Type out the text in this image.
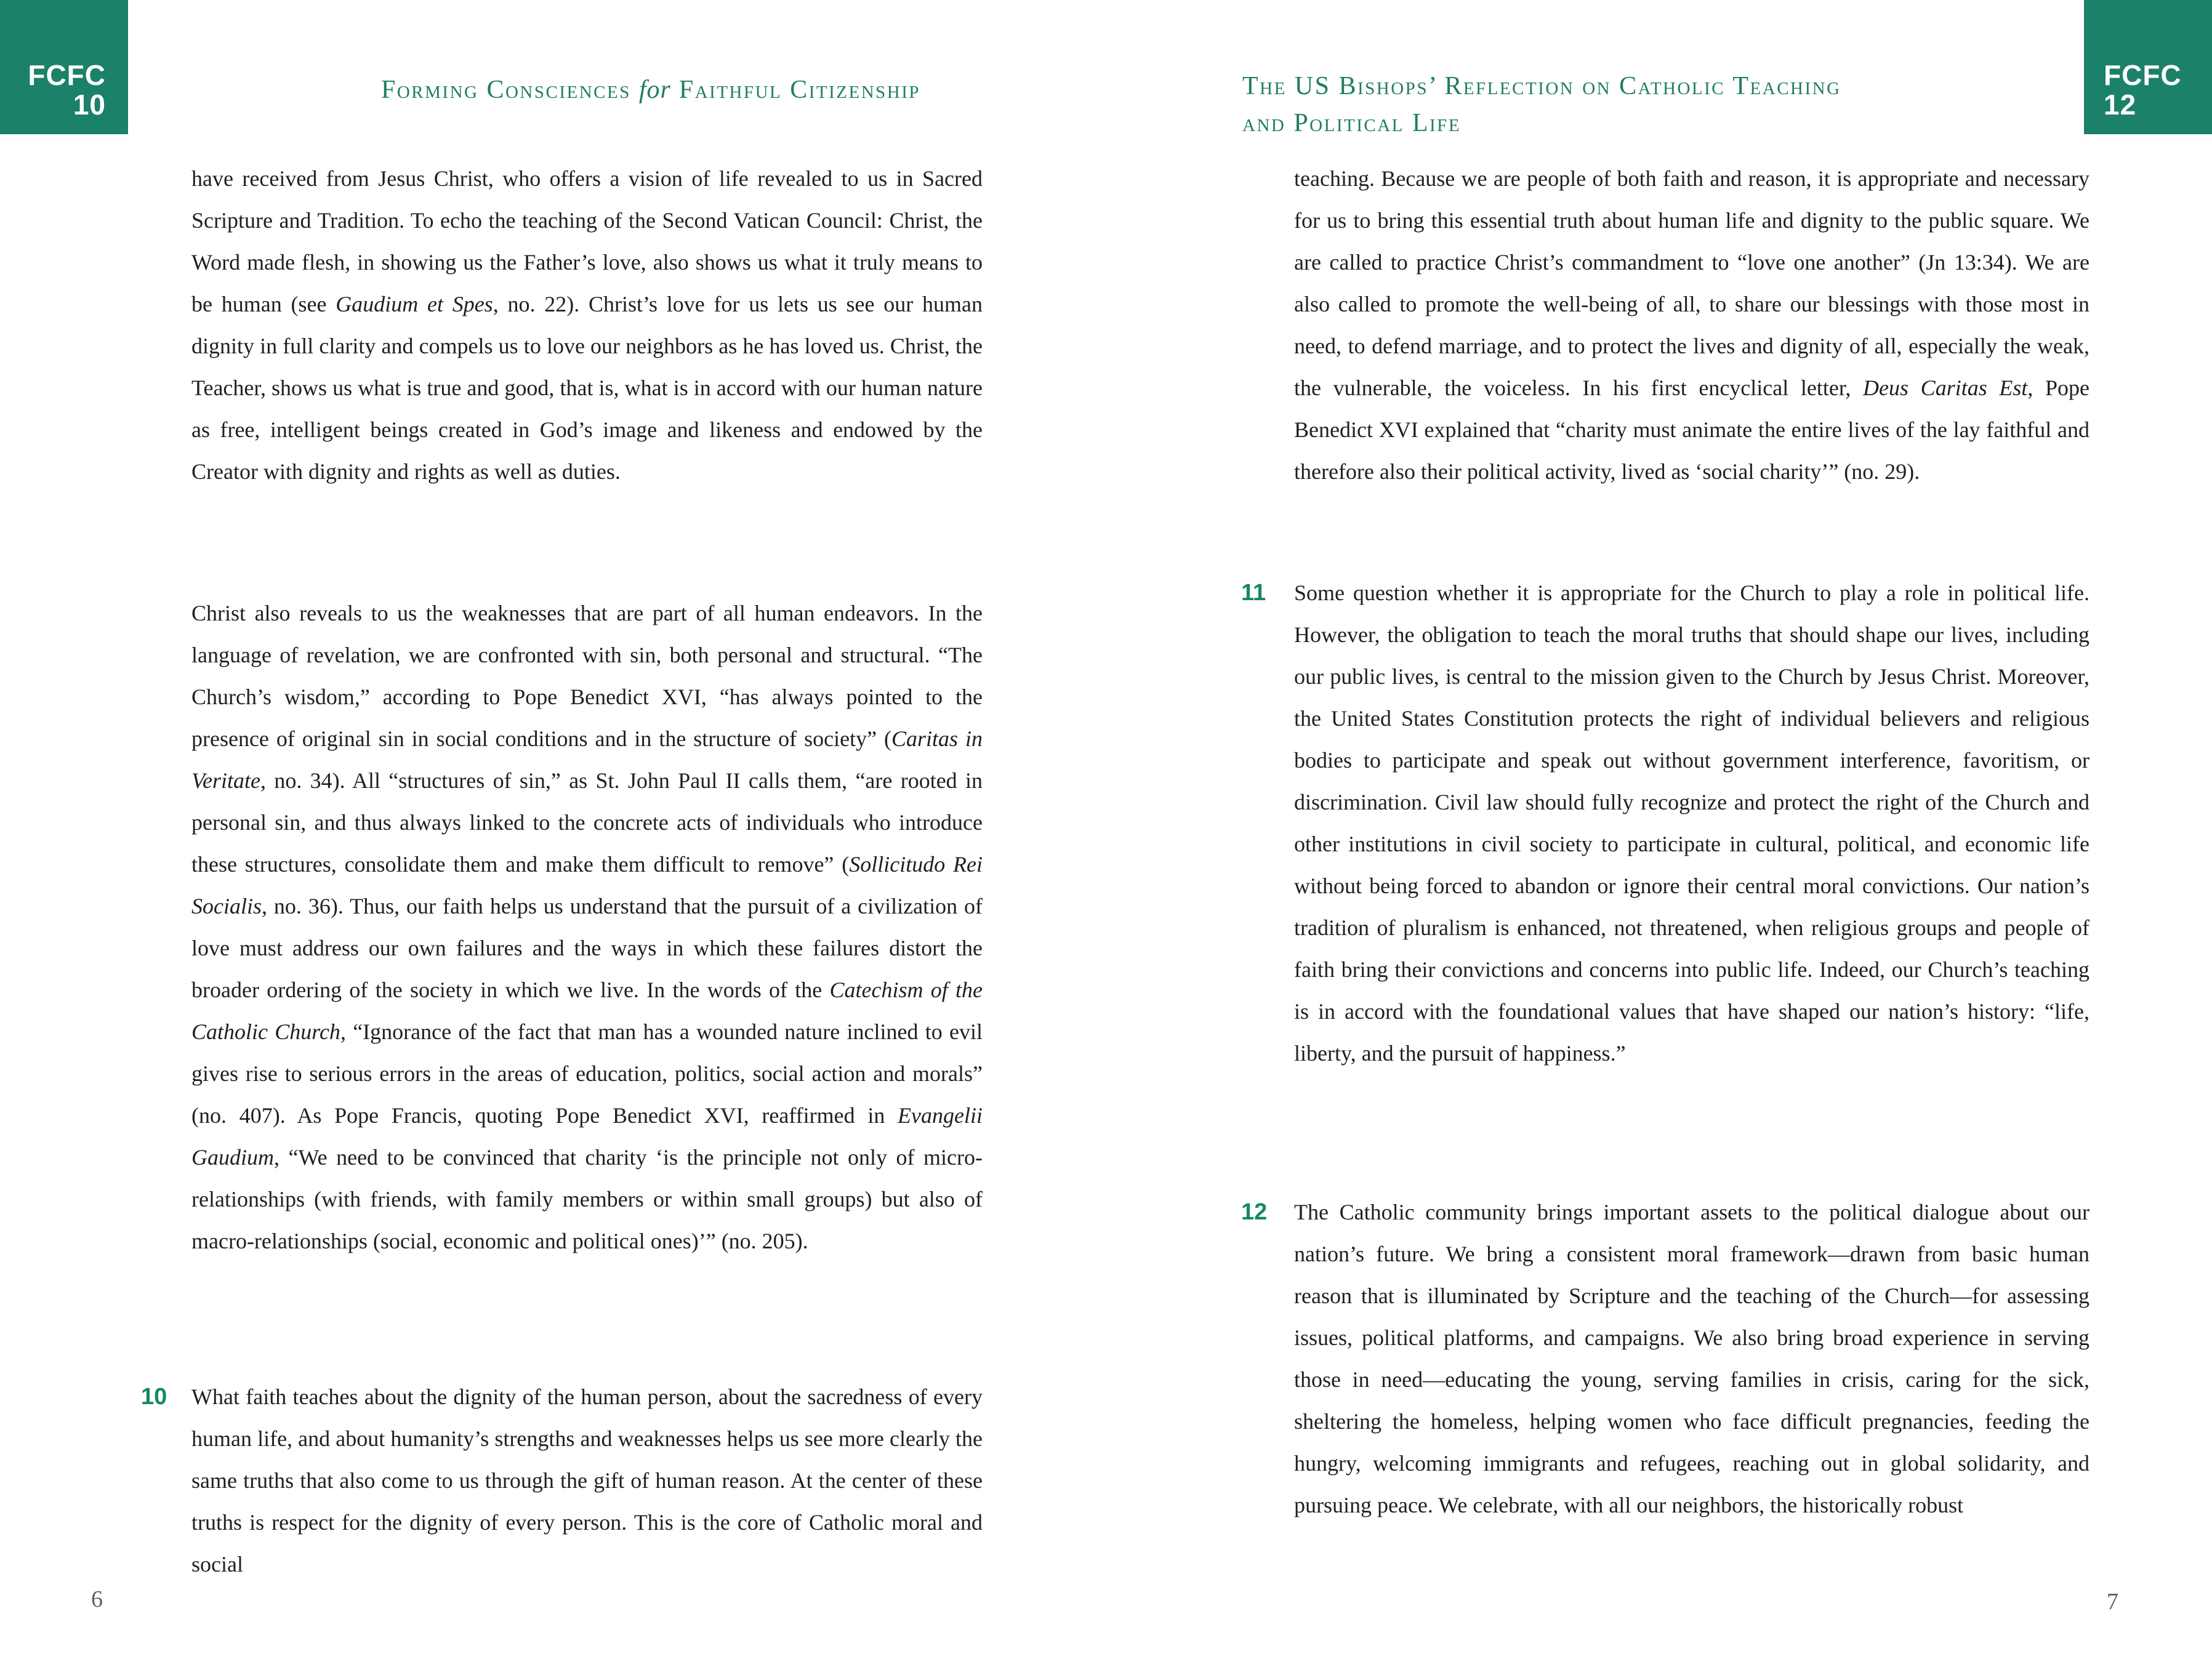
FCFC
10
FCFC
12
Forming Consciences for Faithful Citizenship	The US Bishops’ Reflection on Catholic Teaching
and Political Life

have received from Jesus Christ, who offers a vision of life revealed to us in Sacred Scripture and Tradition. To echo the teaching of the Second Vatican Council: Christ, the Word made flesh, in showing us the Father’s love, also shows us what it truly means to be human (see Gaudium et Spes, no. 22). Christ’s love for us lets us see our human dignity in full clarity and compels us to love our neighbors as he has loved us. Christ, the Teacher, shows us what is true and good, that is, what is in accord with our human nature as free, intelligent beings created in God’s image and likeness and endowed by the Creator with dignity and rights as well as duties.

Christ also reveals to us the weaknesses that are part of all human endeavors. In the language of revelation, we are confronted with sin, both personal and structural. “The Church’s wisdom,” according to Pope Benedict XVI, “has always pointed to the presence of original sin in social conditions and in the structure of society” (Caritas in Veritate, no. 34). All “structures of sin,” as St. John Paul II calls them, “are rooted in personal sin, and thus always linked to the concrete acts of individuals who introduce these structures, consolidate them and make them difficult to remove” (Sollicitudo Rei Socialis, no. 36). Thus, our faith helps us understand that the pursuit of a civilization of love must address our own failures and the ways in which these failures distort the broader ordering of the society in which we live. In the words of the Catechism of the Catholic Church, “Ignorance of the fact that man has a wounded nature inclined to evil gives rise to serious errors in the areas of education, politics, social action and morals” (no. 407). As Pope Francis, quoting Pope Benedict XVI, reaffirmed in Evangelii Gaudium, “We need to be convinced that charity ‘is the principle not only of micro-relationships (with friends, with family members or within small groups) but also of macro-relationships (social, economic and political ones)’” (no. 205).

10 What faith teaches about the dignity of the human person, about the sacredness of every human life, and about humanity’s strengths and weaknesses helps us see more clearly the same truths that also come to us through the gift of human reason. At the center of these truths is respect for the dignity of every person. This is the core of Catholic moral and social

teaching. Because we are people of both faith and reason, it is appropriate and necessary for us to bring this essential truth about human life and dignity to the public square. We are called to practice Christ’s commandment to “love one another” (Jn 13:34). We are also called to promote the well-being of all, to share our blessings with those most in need, to defend marriage, and to protect the lives and dignity of all, especially the weak, the vulnerable, the voiceless. In his first encyclical letter, Deus Caritas Est, Pope Benedict XVI explained that “charity must animate the entire lives of the lay faithful and therefore also their political activity, lived as ‘social charity’” (no. 29).

11 Some question whether it is appropriate for the Church to play a role in political life. However, the obligation to teach the moral truths that should shape our lives, including our public lives, is central to the mission given to the Church by Jesus Christ. Moreover, the United States Constitution protects the right of individual believers and religious bodies to participate and speak out without government interference, favoritism, or discrimination. Civil law should fully recognize and protect the right of the Church and other institutions in civil society to participate in cultural, political, and economic life without being forced to abandon or ignore their central moral convictions. Our nation’s tradition of pluralism is enhanced, not threatened, when religious groups and people of faith bring their convictions and concerns into public life. Indeed, our Church’s teaching is in accord with the foundational values that have shaped our nation’s history: “life, liberty, and the pursuit of happiness.”

12 The Catholic community brings important assets to the political dialogue about our nation’s future. We bring a consistent moral framework—drawn from basic human reason that is illuminated by Scripture and the teaching of the Church—for assessing issues, political platforms, and campaigns. We also bring broad experience in serving those in need—educating the young, serving families in crisis, caring for the sick, sheltering the homeless, helping women who face difficult pregnancies, feeding the hungry, welcoming immigrants and refugees, reaching out in global solidarity, and pursuing peace. We celebrate, with all our neighbors, the historically robust

6	7
